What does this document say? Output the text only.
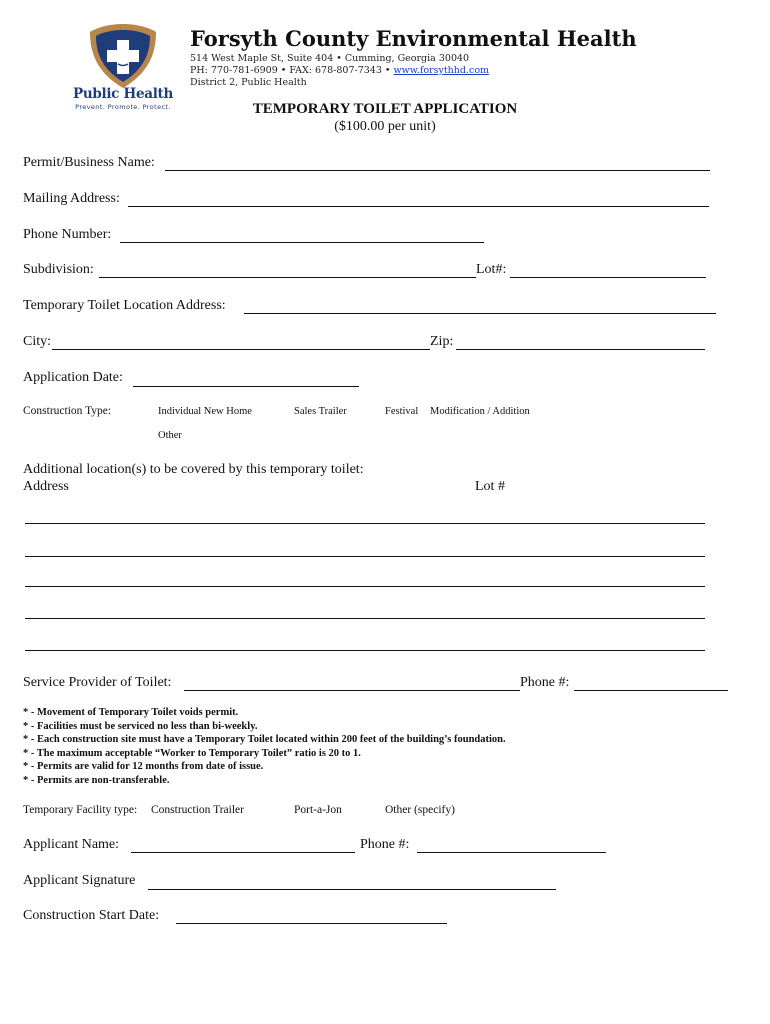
Public Health
Prevent. Promote. Protect.
Forsyth County Environmental Health
514 West Maple St, Suite 404 • Cumming, Georgia 30040
PH: 770-781-6909 • FAX: 678-807-7343 • www.forsythhd.com
District 2, Public Health
TEMPORARY TOILET APPLICATION
($100.00 per unit)
Permit/Business Name:
Mailing Address:
Phone Number:
Subdivision:	Lot#:
Temporary Toilet Location Address:
City:	Zip:
Application Date:
Construction Type:	Individual New Home	Sales Trailer	Festival Modification / Addition
Other
Additional location(s) to be covered by this temporary toilet:
Address	Lot #
Service Provider of Toilet:	Phone #:
* - Movement of Temporary Toilet voids permit.
* - Facilities must be serviced no less than bi-weekly.
* - Each construction site must have a Temporary Toilet located within 200 feet of the building’s foundation.
* - The maximum acceptable “Worker to Temporary Toilet” ratio is 20 to 1.
* - Permits are valid for 12 months from date of issue.
* - Permits are non-transferable.
Temporary Facility type: Construction Trailer	Port-a-Jon	Other (specify)
Applicant Name:	Phone #:
Applicant Signature
Construction Start Date:
